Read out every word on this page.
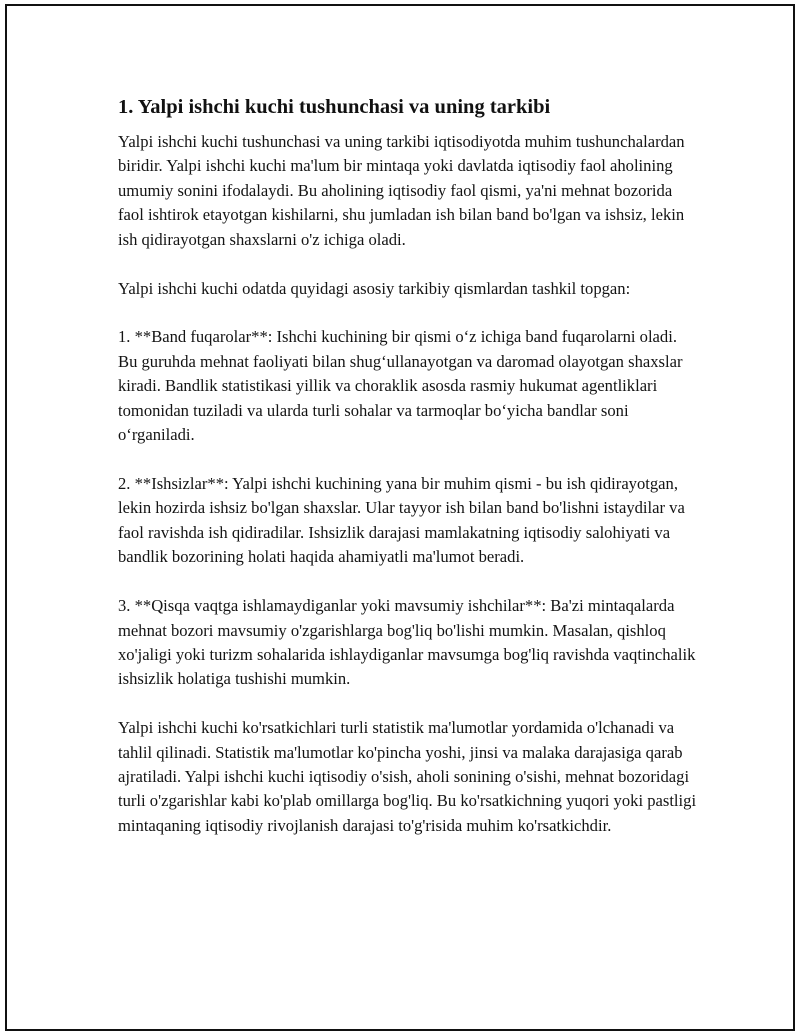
1. Yalpi ishchi kuchi tushunchasi va uning tarkibi

Yalpi ishchi kuchi tushunchasi va uning tarkibi iqtisodiyotda muhim tushunchalardan biridir. Yalpi ishchi kuchi ma'lum bir mintaqa yoki davlatda iqtisodiy faol aholining umumiy sonini ifodalaydi. Bu aholining iqtisodiy faol qismi, ya'ni mehnat bozorida faol ishtirok etayotgan kishilarni, shu jumladan ish bilan band bo'lgan va ishsiz, lekin ish qidirayotgan shaxslarni o'z ichiga oladi.

Yalpi ishchi kuchi odatda quyidagi asosiy tarkibiy qismlardan tashkil topgan:

1. **Band fuqarolar**: Ishchi kuchining bir qismi o‘z ichiga band fuqarolarni oladi. Bu guruhda mehnat faoliyati bilan shug‘ullanayotgan va daromad olayotgan shaxslar kiradi. Bandlik statistikasi yillik va choraklik asosda rasmiy hukumat agentliklari tomonidan tuziladi va ularda turli sohalar va tarmoqlar bo‘yicha bandlar soni o‘rganiladi.

2. **Ishsizlar**: Yalpi ishchi kuchining yana bir muhim qismi - bu ish qidirayotgan, lekin hozirda ishsiz bo'lgan shaxslar. Ular tayyor ish bilan band bo'lishni istaydilar va faol ravishda ish qidiradilar. Ishsizlik darajasi mamlakatning iqtisodiy salohiyati va bandlik bozorining holati haqida ahamiyatli ma'lumot beradi.

3. **Qisqa vaqtga ishlamaydiganlar yoki mavsumiy ishchilar**: Ba'zi mintaqalarda mehnat bozori mavsumiy o'zgarishlarga bog'liq bo'lishi mumkin. Masalan, qishloq xo'jaligi yoki turizm sohalarida ishlaydiganlar mavsumga bog'liq ravishda vaqtinchalik ishsizlik holatiga tushishi mumkin.

Yalpi ishchi kuchi ko'rsatkichlari turli statistik ma'lumotlar yordamida o'lchanadi va tahlil qilinadi. Statistik ma'lumotlar ko'pincha yoshi, jinsi va malaka darajasiga qarab ajratiladi. Yalpi ishchi kuchi iqtisodiy o'sish, aholi sonining o'sishi, mehnat bozoridagi turli o'zgarishlar kabi ko'plab omillarga bog'liq. Bu ko'rsatkichning yuqori yoki pastligi mintaqaning iqtisodiy rivojlanish darajasi to'g'risida muhim ko'rsatkichdir.
